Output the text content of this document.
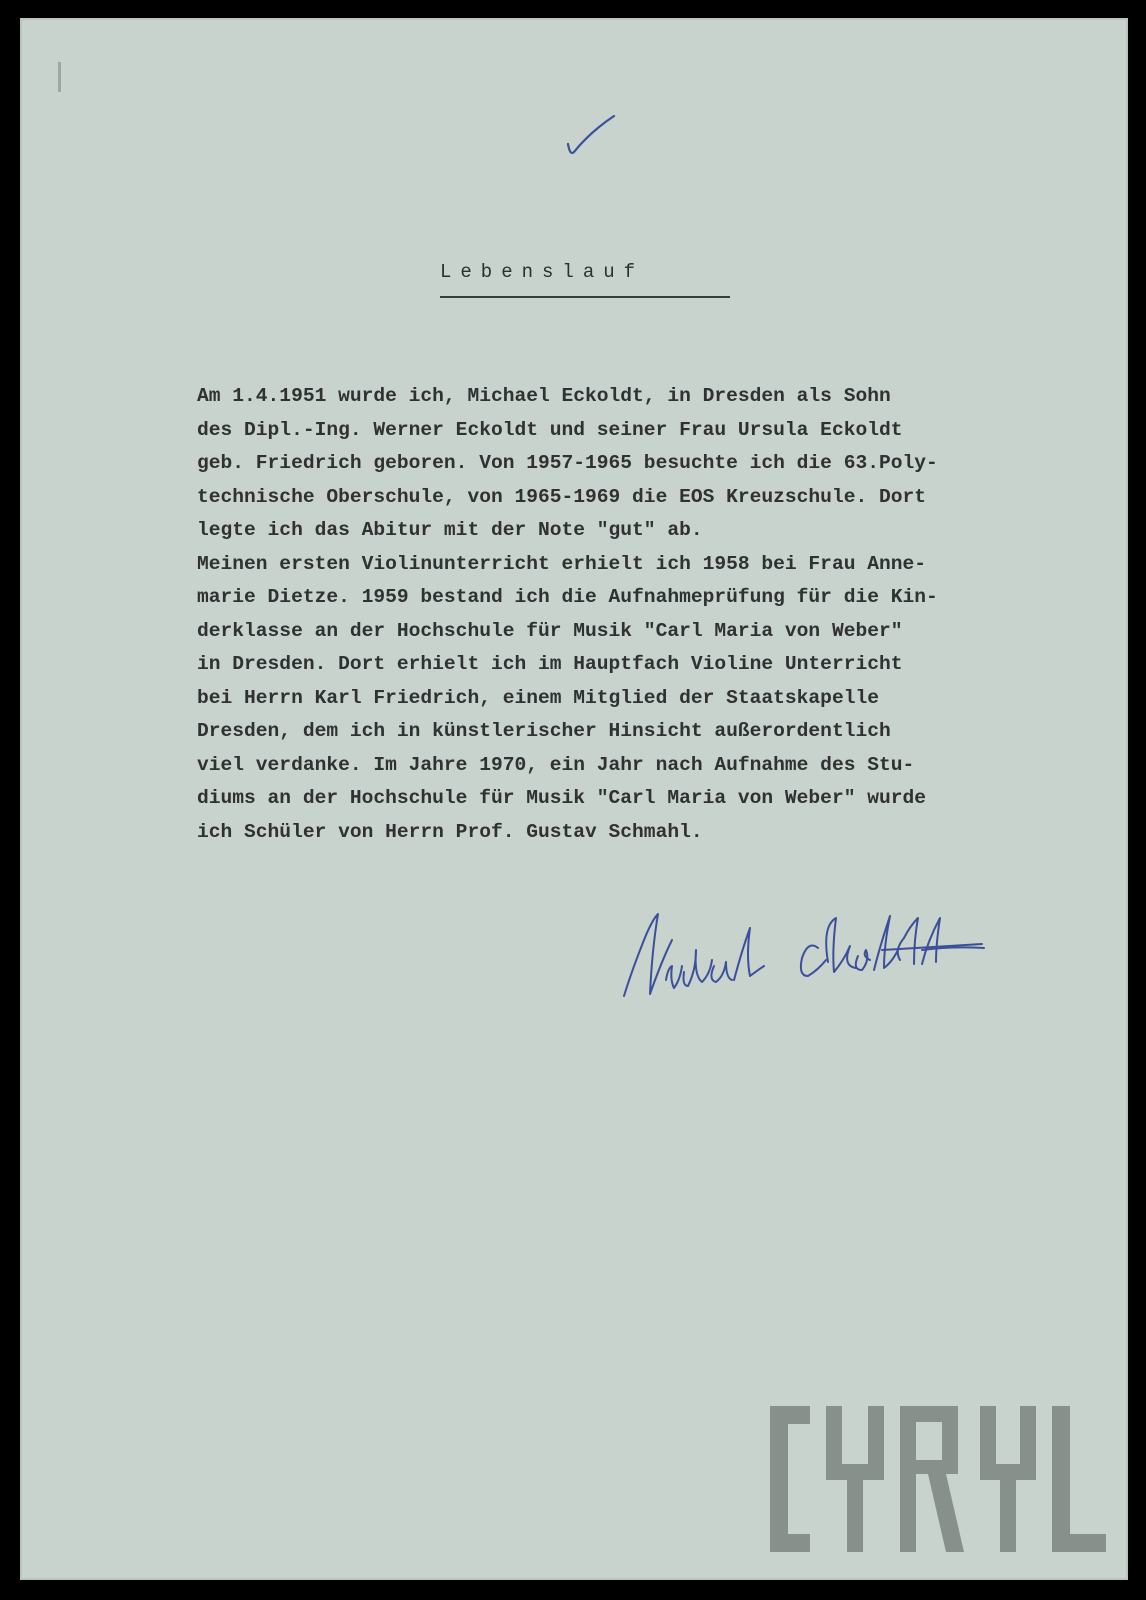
Lebenslauf
Am 1.4.1951 wurde ich, Michael Eckoldt, in Dresden als Sohn
des Dipl.-Ing. Werner Eckoldt und seiner Frau Ursula Eckoldt
geb. Friedrich geboren. Von 1957-1965 besuchte ich die 63.Poly-
technische Oberschule, von 1965-1969 die EOS Kreuzschule. Dort
legte ich das Abitur mit der Note "gut" ab.
Meinen ersten Violinunterricht erhielt ich 1958 bei Frau Anne-
marie Dietze. 1959 bestand ich die Aufnahmeprüfung für die Kin-
derklasse an der Hochschule für Musik "Carl Maria von Weber"
in Dresden. Dort erhielt ich im Hauptfach Violine Unterricht
bei Herrn Karl Friedrich, einem Mitglied der Staatskapelle
Dresden, dem ich in künstlerischer Hinsicht außerordentlich
viel verdanke. Im Jahre 1970, ein Jahr nach Aufnahme des Stu-
diums an der Hochschule für Musik "Carl Maria von Weber" wurde
ich Schüler von Herrn Prof. Gustav Schmahl.
